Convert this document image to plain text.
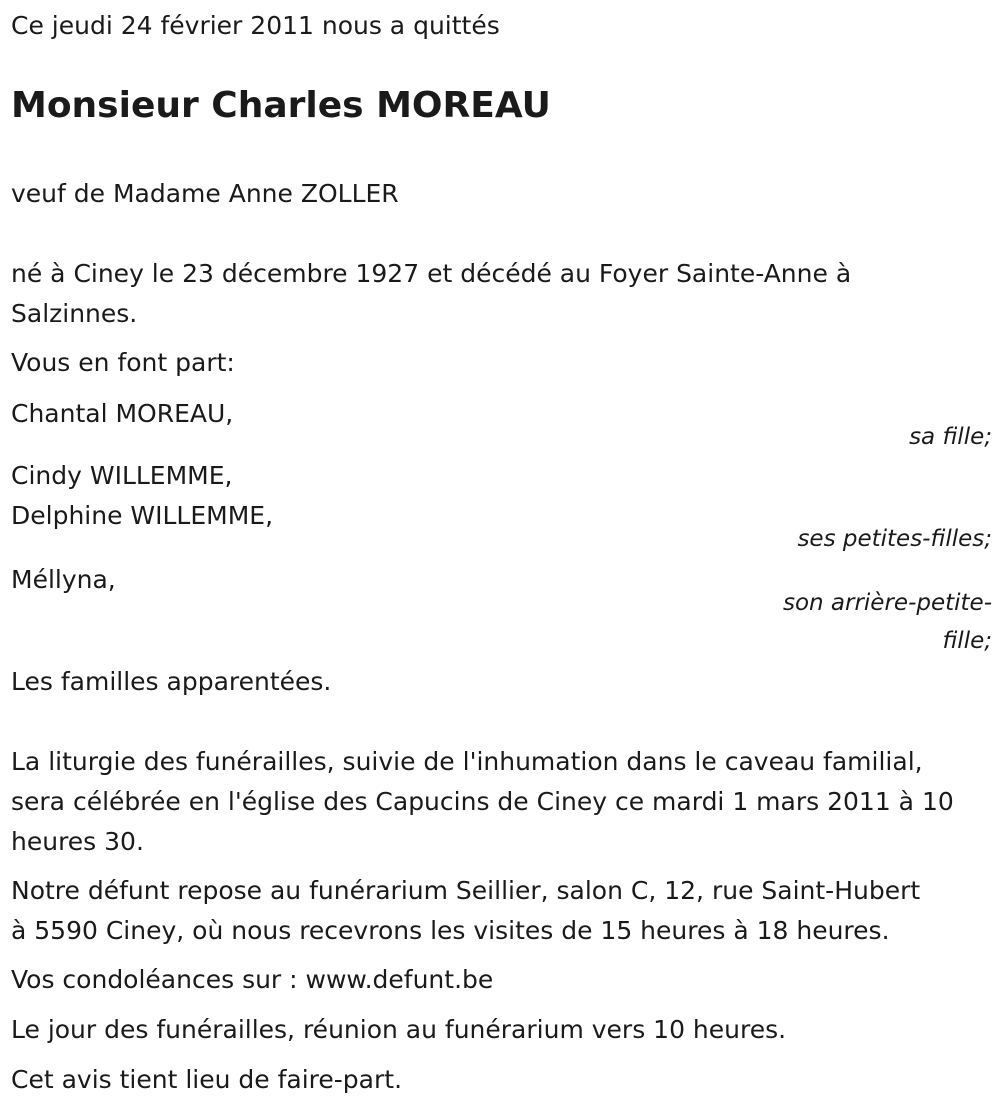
Ce jeudi 24 février 2011 nous a quittés

Monsieur Charles MOREAU

veuf de Madame Anne ZOLLER

né à Ciney le 23 décembre 1927 et décédé au Foyer Sainte-Anne à

Salzinnes.

Vous en font part:

Chantal MOREAU,

sa fille;

Cindy WILLEMME,

Delphine WILLEMME,

ses petites-filles;

Méllyna,

son arrière-petite-
fille;

Les familles apparentées.

La liturgie des funérailles, suivie de l'inhumation dans le caveau familial,

sera célébrée en l'église des Capucins de Ciney ce mardi 1 mars 2011 à 10

heures 30.

Notre défunt repose au funérarium Seillier, salon C, 12, rue Saint-Hubert

à 5590 Ciney, où nous recevrons les visites de 15 heures à 18 heures.

Vos condoléances sur : www.defunt.be

Le jour des funérailles, réunion au funérarium vers 10 heures.

Cet avis tient lieu de faire-part.
